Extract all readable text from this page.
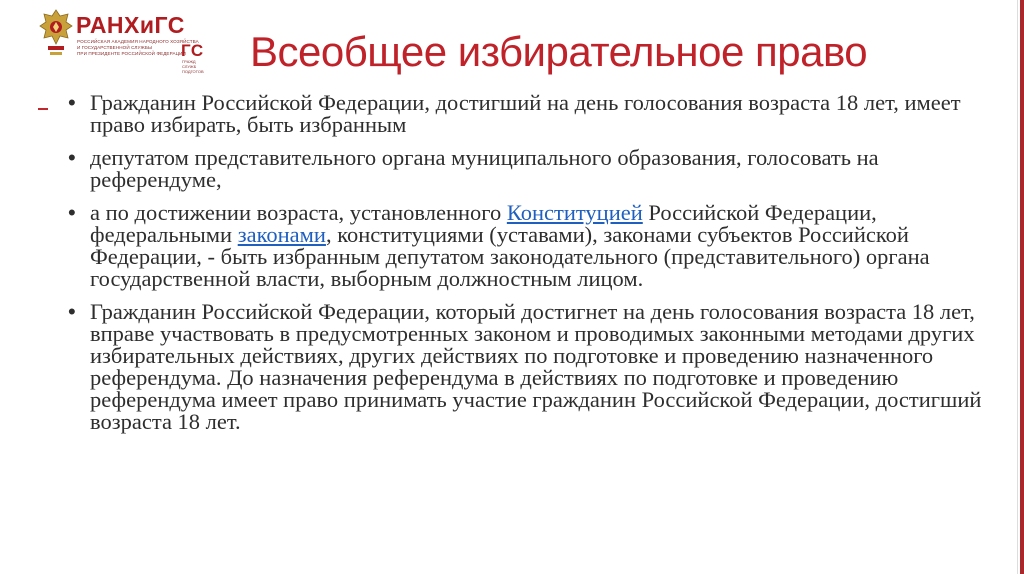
РАНХиГС
РОССИЙСКАЯ АКАДЕМИЯ НАРОДНОГО ХОЗЯЙСТВА
И ГОСУДАРСТВЕННОЙ СЛУЖБЫ
ПРИ ПРЕЗИДЕНТЕ РОССИЙСКОЙ ФЕДЕРАЦИИ
ГС
ГРАЖД
СЛУЖБ
ПОДГОТОВ Всеобщее избирательное право
• Гражданин Российской Федерации, достигший на день голосования возраста 18 лет, имеет право избирать, быть избранным
• депутатом представительного органа муниципального образования, голосовать на референдуме,
• а по достижении возраста, установленного Конституцией Российской Федерации, федеральными законами, конституциями (уставами), законами субъектов Российской Федерации, - быть избранным депутатом законодательного (представительного) органа государственной власти, выборным должностным лицом.
• Гражданин Российской Федерации, который достигнет на день голосования возраста 18 лет, вправе участвовать в предусмотренных законом и проводимых законными методами других избирательных действиях, других действиях по подготовке и проведению назначенного референдума. До назначения референдума в действиях по подготовке и проведению референдума имеет право принимать участие гражданин Российской Федерации, достигший возраста 18 лет.
